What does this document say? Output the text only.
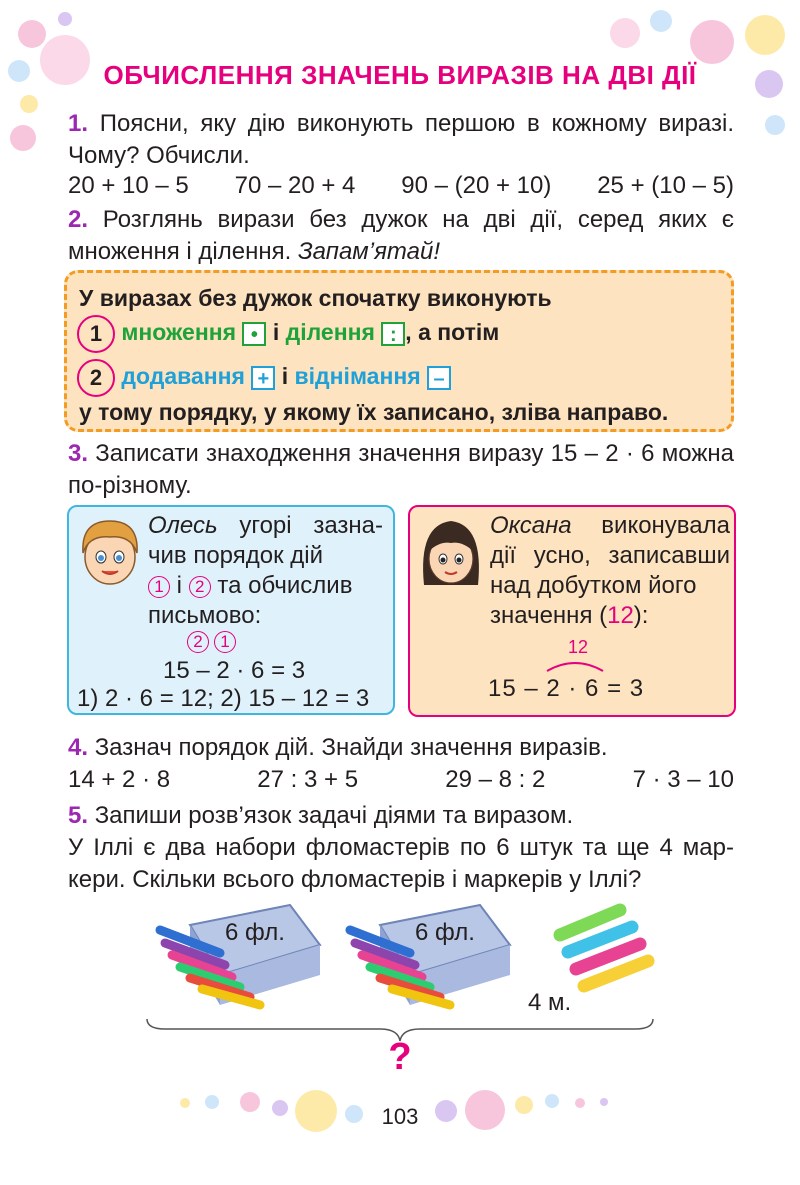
ОБЧИСЛЕННЯ ЗНАЧЕНЬ ВИРАЗІВ НА ДВІ ДІЇ
1. Поясни, яку дію виконують першою в кожному виразі. Чому? Обчисли.
20 + 10 – 5 70 – 20 + 4 90 – (20 + 10) 25 + (10 – 5)
2. Розглянь вирази без дужок на дві дії, серед яких є множення і ділення. Запам’ятай!
У виразах без дужок спочатку виконують
1 множення • і ділення : , а потім
2 додавання + і віднімання –
у тому порядку, у якому їх записано, зліва направо.
3. Записати знаходження значення виразу 15 – 2 · 6 можна по-різному.
Олесь угорі зазна- чив порядок дій
1 і 2 та обчислив
письмово:
2 1
15 – 2 · 6 = 3
1) 2 · 6 = 12; 2) 15 – 12 = 3
Оксана виконувала дії усно, записавши над добутком його
значення (12):
12
15 – 2 · 6 = 3
4. Зазнач порядок дій. Знайди значення виразів.
14 + 2 · 8	27 : 3 + 5	29 – 8 : 2	7 · 3 – 10
5. Запиши розв’язок задачі діями та виразом.
У Іллі є два набори фломастерів по 6 штук та ще 4 мар- кери. Скільки всього фломастерів і маркерів у Іллі?
6 фл.	6 фл.
4 м.
?
103
